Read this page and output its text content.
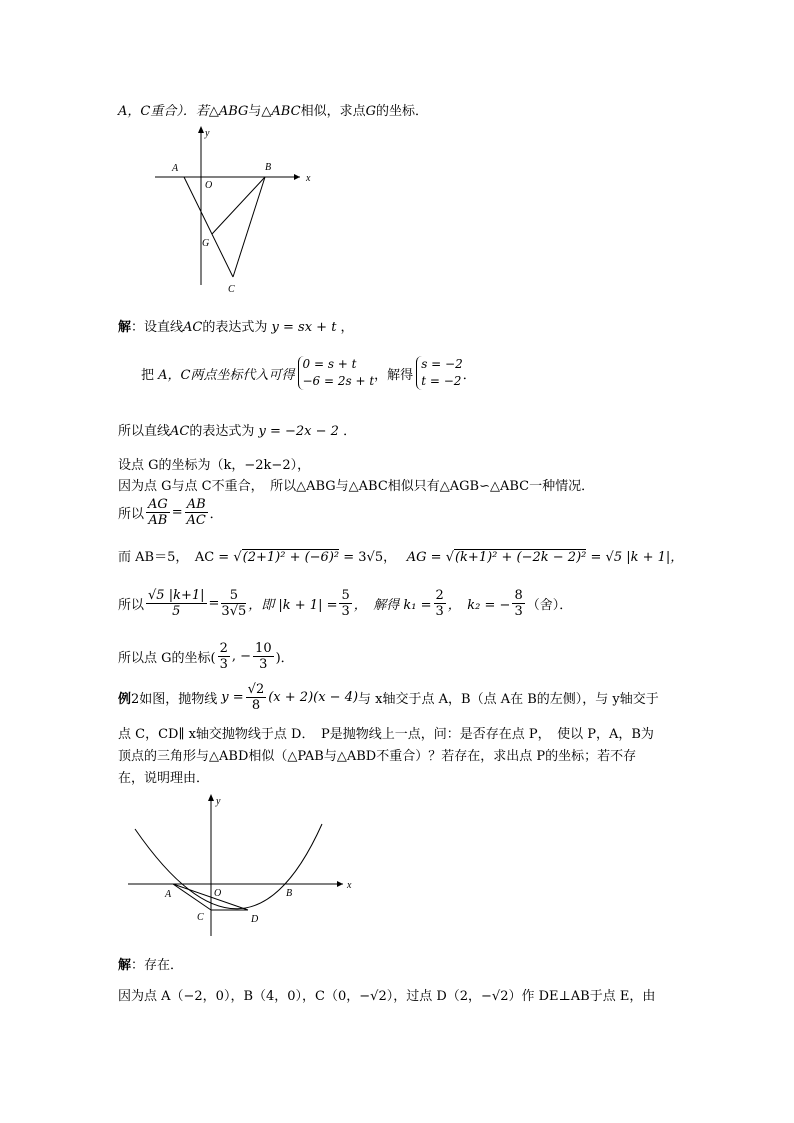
A，C重合）．若△ABG与△ABC相似，求点G的坐标．
y
x
A	B
O
G
C
解：设直线AC的表达式为 y = sx + t ，
把
A，C两点坐标代入可得
0 = s + t
−6 = 2s + t ，解得
s = −2
t = −2 ．
所以直线AC的表达式为 y = −2x − 2 ．
设点 G的坐标为（k，−2k−2），
因为点 G与点 C不重合，　所以△ABG与△ABC相似只有△AGB∽△ABC一种情况．
所以 $\frac{AG}{AB} = \frac{AB}{AC}$ ．
而 AB＝5，　AC = √(2+1)² + (−6)² = 3√5，　 AG = √(k+1)² + (−2k − 2)² = √5 |k + 1|，
所以 $\frac{√5 |k+1|}{5} = \frac{5}{3√5}$ ，即 $|k + 1| = \frac{5}{3}$ ，　解得 $k_1 = \frac{2}{3}$ ，　k₂ = − $\frac{8}{3}$ （舍）．
所以点 G的坐标( $\frac{2}{3}$ , − $\frac{10}{3}$ )．
例 2如图，抛物线 $y = \frac{√2}{8} (x + 2)(x - 4)$ 与 x轴交于点 A，B（点 A在 B的左侧），与 y轴交于
点 C，CD∥ x轴交抛物线于点 D．　P是抛物线上一点，问：是否存在点 P，　使以 P，A，B为
顶点的三角形与△ABD相似（△PAB与△ABD不重合）？若存在，求出点 P的坐标；若不存
在，说明理由．
y
x
A	O	B
C	D
解：存在．
因为点 A（−2，0），B（4，0），C（0，−√2），过点 D（2，−√2）作 DE⊥AB于点 E，由
